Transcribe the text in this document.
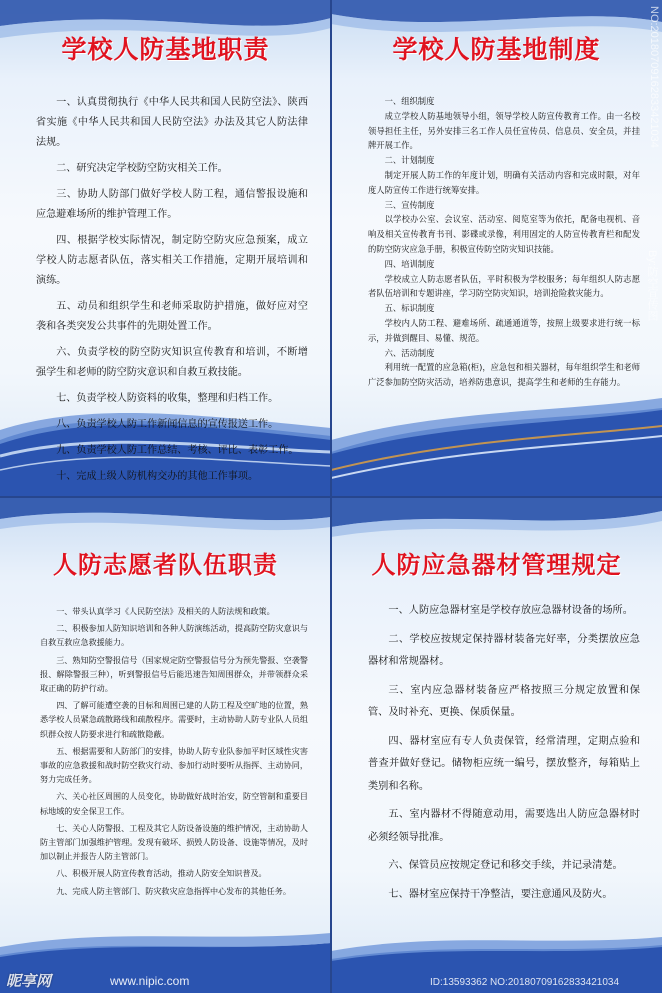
学校人防基地职责	学校人防基地制度
人防志愿者队伍职责	人防应急器材管理规定

一、认真贯彻执行《中华人民共和国人民防空法》、陕西省实施《中华人民共和国人民防空法》办法及其它人防法律法规。

二、研究决定学校防空防灾相关工作。

三、协助人防部门做好学校人防工程，通信警报设施和应急避难场所的维护管理工作。

四、根据学校实际情况，制定防空防灾应急预案，成立学校人防志愿者队伍，落实相关工作措施，定期开展培训和演练。

五、动员和组织学生和老师采取防护措施，做好应对空袭和各类突发公共事件的先期处置工作。

六、负责学校的防空防灾知识宣传教育和培训，不断增强学生和老师的防空防灾意识和自救互救技能。

七、负责学校人防资料的收集，整理和归档工作。

八、负责学校人防工作新闻信息的宣传报送工作。

九、负责学校人防工作总结、考核、评比、表彰工作。

十、完成上级人防机构交办的其他工作事项。

一、组织制度

成立学校人防基地领导小组，领导学校人防宣传教育工作。由一名校领导担任主任，另外安排三名工作人员任宣传员、信息员、安全员，并挂牌开展工作。

二、计划制度

制定开展人防工作的年度计划，明确有关活动内容和完成时限，对年度人防宣传工作进行统筹安排。

三、宣传制度

以学校办公室、会议室、活动室、阅览室等为依托，配备电视机、音响及相关宣传教育书刊、影碟或录像，利用固定的人防宣传教育栏和配发的防空防灾应急手册，积极宣传防空防灾知识技能。

四、培训制度

学校成立人防志愿者队伍，平时积极为学校服务；每年组织人防志愿者队伍培训和专题讲座，学习防空防灾知识，培训抢险救灾能力。

五、标识制度

学校内人防工程、避难场所、疏通通道等，按照上级要求进行统一标示，并做到醒目、易懂、规范。

六、活动制度

利用统一配置的应急箱(柜)，应急包和相关器材，每年组织学生和老师广泛参加防空防灾活动，培养防患意识，提高学生和老师的生存能力。

一、带头认真学习《人民防空法》及相关的人防法规和政策。

二、积极参加人防知识培训和各种人防演练活动，提高防空防灾意识与自救互救应急救援能力。

三、熟知防空警报信号（国家规定防空警报信号分为预先警报、空袭警报、解除警报三种），听到警报信号后能迅速告知周围群众，并带领群众采取正确的防护行动。

四、了解可能遭空袭的目标和周围已建的人防工程及空旷地的位置，熟悉学校人员紧急疏散路线和疏散程序。需要时，主动协助人防专业队人员组织群众按人防要求进行和疏散隐蔽。

五、根据需要和人防部门的安排，协助人防专业队参加平时区域性灾害事故的应急救援和战时防空救灾行动、参加行动时要听从指挥、主动协同，努力完成任务。

六、关心社区周围的人员变化，协助做好战时治安，防空管制和重要目标地域的安全保卫工作。

七、关心人防警报、工程及其它人防设备设施的维护情况，主动协助人防主管部门加强维护管理。发现有破坏、损毁人防设备、设施等情况，及时加以制止并报告人防主管部门。

八、积极开展人防宣传教育活动，推动人防安全知识普及。

九、完成人防主管部门、防灾救灾应急指挥中心发布的其他任务。

一、人防应急器材室是学校存放应急器材设备的场所。

二、学校应按规定保持器材装备完好率，分类摆放应急器材和常规器材。

三、室内应急器材装备应严格按照三分规定放置和保管、及时补充、更换、保质保量。

四、器材室应有专人负责保管，经常清理，定期点验和普查并做好登记。储物柜应统一编号，摆放整齐，每箱贴上类别和名称。

五、室内器材不得随意动用，需要选出人防应急器材时必须经领导批准。

六、保管员应按规定登记和移交手续，并记录清楚。

七、器材室应保持干净整洁，要注意通风及防火。

NO:20180709162833421034
By:防空宣传图
昵享网	www.nipic.com	ID:13593362 NO:20180709162833421034
